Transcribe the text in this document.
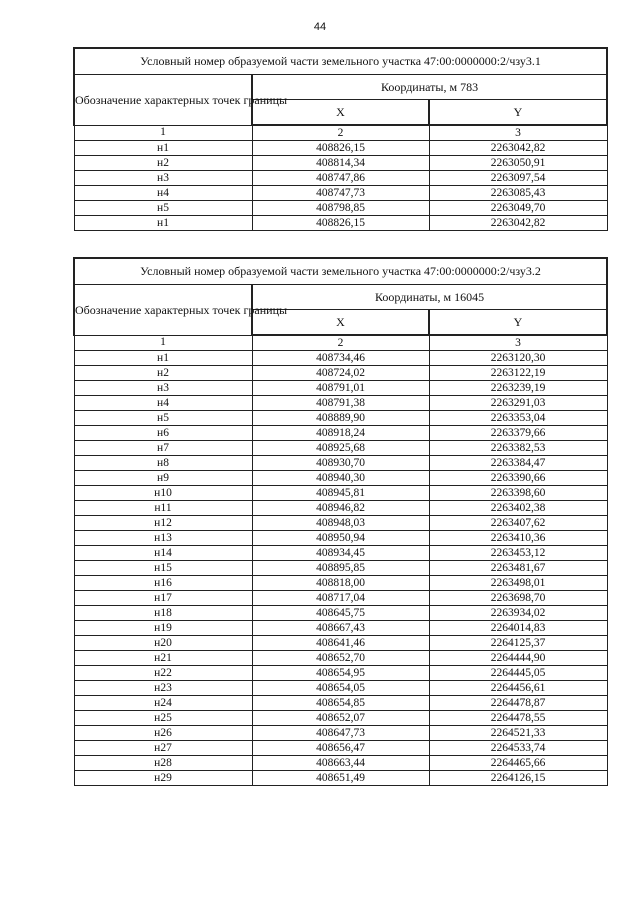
44
Условный номер образуемой части земельного участка 47:00:0000000:2/чзу3.1		
Обозначение характерных точек границы	Координаты, м 783	
	X	Y
1	2	3
н1	408826,15	2263042,82
н2	408814,34	2263050,91
н3	408747,86	2263097,54
н4	408747,73	2263085,43
н5	408798,85	2263049,70
н1	408826,15	2263042,82
Условный номер образуемой части земельного участка 47:00:0000000:2/чзу3.2		
Обозначение характерных точек границы	Координаты, м 16045	
	X	Y
1	2	3
н1	408734,46	2263120,30
н2	408724,02	2263122,19
н3	408791,01	2263239,19
н4	408791,38	2263291,03
н5	408889,90	2263353,04
н6	408918,24	2263379,66
н7	408925,68	2263382,53
н8	408930,70	2263384,47
н9	408940,30	2263390,66
н10	408945,81	2263398,60
н11	408946,82	2263402,38
н12	408948,03	2263407,62
н13	408950,94	2263410,36
н14	408934,45	2263453,12
н15	408895,85	2263481,67
н16	408818,00	2263498,01
н17	408717,04	2263698,70
н18	408645,75	2263934,02
н19	408667,43	2264014,83
н20	408641,46	2264125,37
н21	408652,70	2264444,90
н22	408654,95	2264445,05
н23	408654,05	2264456,61
н24	408654,85	2264478,87
н25	408652,07	2264478,55
н26	408647,73	2264521,33
н27	408656,47	2264533,74
н28	408663,44	2264465,66
н29	408651,49	2264126,15
